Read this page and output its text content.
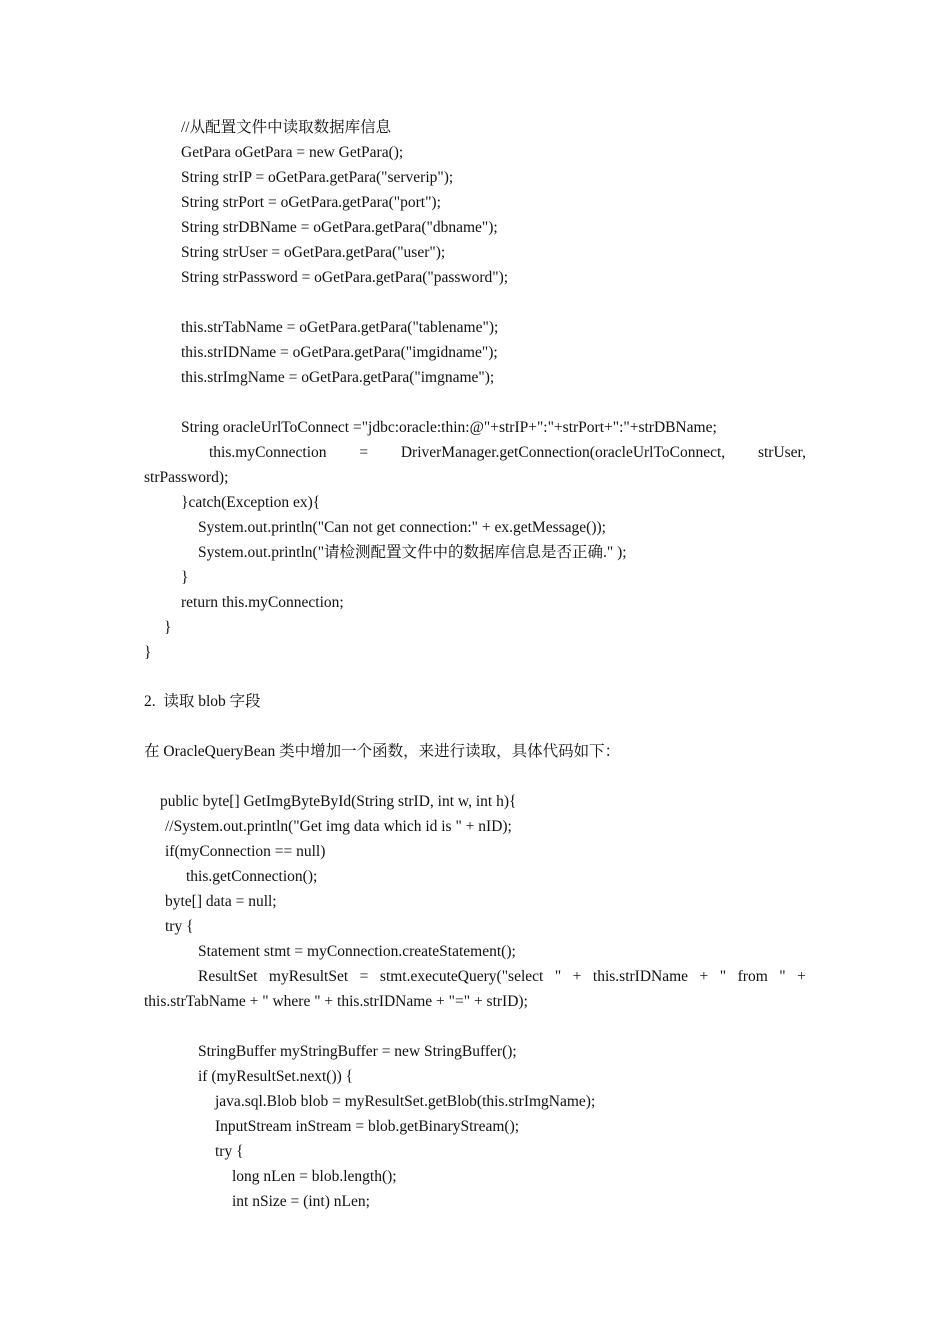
//从配置文件中读取数据库信息
GetPara oGetPara = new GetPara();
String strIP = oGetPara.getPara("serverip");
String strPort = oGetPara.getPara("port");
String strDBName = oGetPara.getPara("dbname");
String strUser = oGetPara.getPara("user");
String strPassword = oGetPara.getPara("password");
this.strTabName = oGetPara.getPara("tablename");
this.strIDName = oGetPara.getPara("imgidname");
this.strImgName = oGetPara.getPara("imgname");
String oracleUrlToConnect ="jdbc:oracle:thin:@"+strIP+":"+strPort+":"+strDBName;
this.myConnection = DriverManager.getConnection(oracleUrlToConnect, strUser,
strPassword);
}catch(Exception ex){
System.out.println("Can not get connection:" + ex.getMessage());
System.out.println("请检测配置文件中的数据库信息是否正确." );
}
return this.myConnection;
}
}
2.  读取 blob 字段
在 OracleQueryBean 类中增加一个函数，来进行读取，具体代码如下：
public byte[] GetImgByteById(String strID, int w, int h){
//System.out.println("Get img data which id is " + nID);
if(myConnection == null)
this.getConnection();
byte[] data = null;
try {
Statement stmt = myConnection.createStatement();
ResultSet myResultSet = stmt.executeQuery("select " + this.strIDName + " from " +
this.strTabName + " where " + this.strIDName + "=" + strID);
StringBuffer myStringBuffer = new StringBuffer();
if (myResultSet.next()) {
java.sql.Blob blob = myResultSet.getBlob(this.strImgName);
InputStream inStream = blob.getBinaryStream();
try {
long nLen = blob.length();
int nSize = (int) nLen;
